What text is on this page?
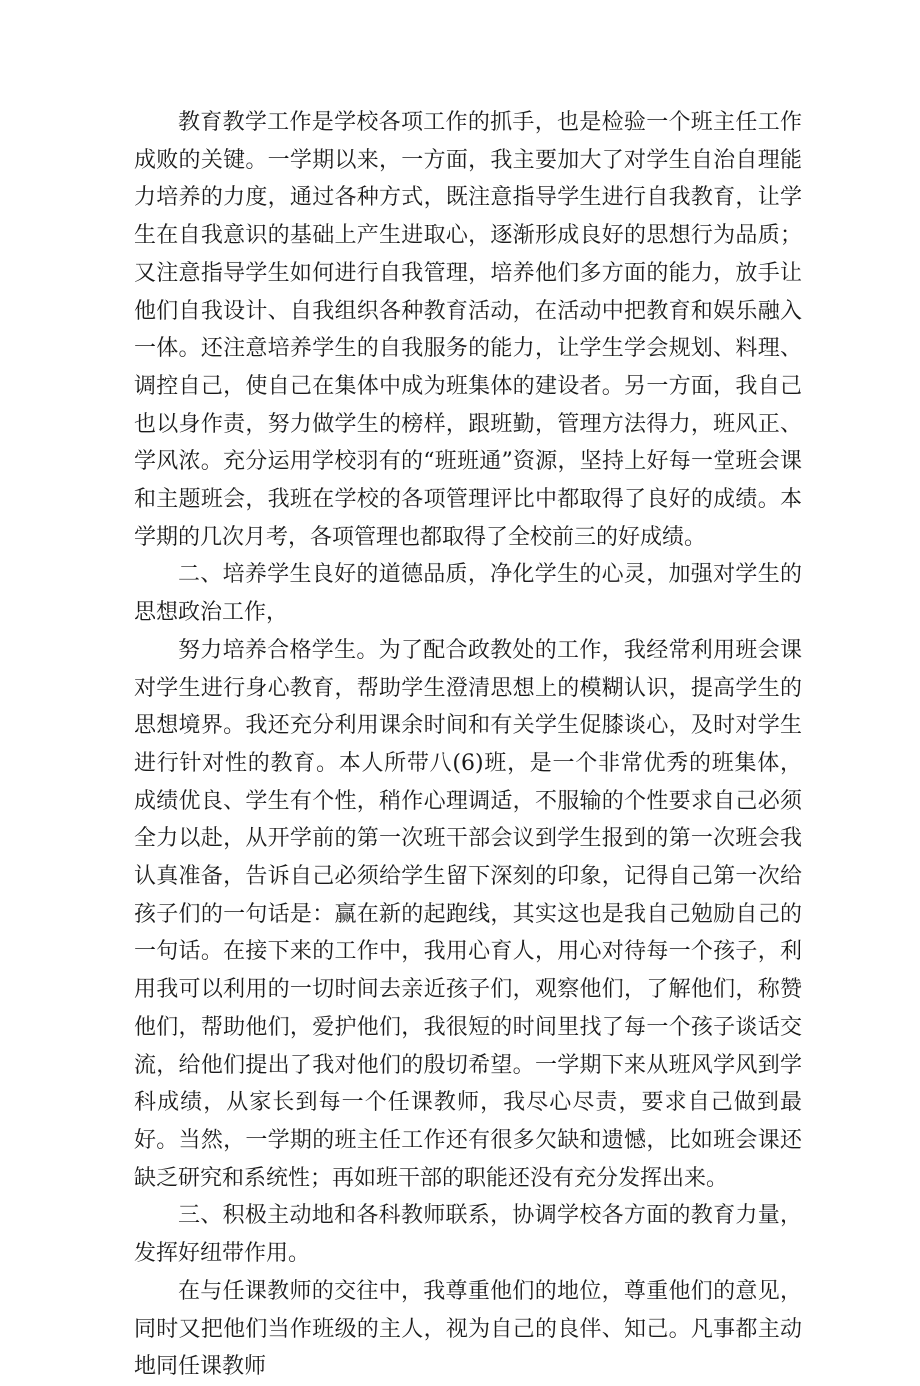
教育教学工作是学校各项工作的抓手，也是检验一个班主任工作成败的关键。一学期以来，一方面，我主要加大了对学生自治自理能力培养的力度，通过各种方式，既注意指导学生进行自我教育，让学生在自我意识的基础上产生进取心，逐渐形成良好的思想行为品质；又注意指导学生如何进行自我管理，培养他们多方面的能力，放手让他们自我设计、自我组织各种教育活动，在活动中把教育和娱乐融入一体。还注意培养学生的自我服务的能力，让学生学会规划、料理、调控自己，使自己在集体中成为班集体的建设者。另一方面，我自己也以身作责，努力做学生的榜样，跟班勤，管理方法得力，班风正、学风浓。充分运用学校羽有的“班班通”资源，坚持上好每一堂班会课和主题班会，我班在学校的各项管理评比中都取得了良好的成绩。本学期的几次月考，各项管理也都取得了全校前三的好成绩。

二、培养学生良好的道德品质，净化学生的心灵，加强对学生的思想政治工作，

努力培养合格学生。为了配合政教处的工作，我经常利用班会课对学生进行身心教育，帮助学生澄清思想上的模糊认识，提高学生的思想境界。我还充分利用课余时间和有关学生促膝谈心，及时对学生进行针对性的教育。本人所带八(6)班，是一个非常优秀的班集体，成绩优良、学生有个性，稍作心理调适，不服输的个性要求自己必须全力以赴，从开学前的第一次班干部会议到学生报到的第一次班会我认真准备，告诉自己必须给学生留下深刻的印象，记得自己第一次给孩子们的一句话是：赢在新的起跑线，其实这也是我自己勉励自己的一句话。在接下来的工作中，我用心育人，用心对待每一个孩子，利用我可以利用的一切时间去亲近孩子们，观察他们，了解他们，称赞他们，帮助他们，爱护他们，我很短的时间里找了每一个孩子谈话交流，给他们提出了我对他们的殷切希望。一学期下来从班风学风到学科成绩，从家长到每一个任课教师，我尽心尽责，要求自己做到最好。当然，一学期的班主任工作还有很多欠缺和遗憾，比如班会课还缺乏研究和系统性；再如班干部的职能还没有充分发挥出来。

三、积极主动地和各科教师联系，协调学校各方面的教育力量，发挥好纽带作用。

在与任课教师的交往中，我尊重他们的地位，尊重他们的意见，同时又把他们当作班级的主人，视为自己的良伴、知己。凡事都主动地同任课教师
